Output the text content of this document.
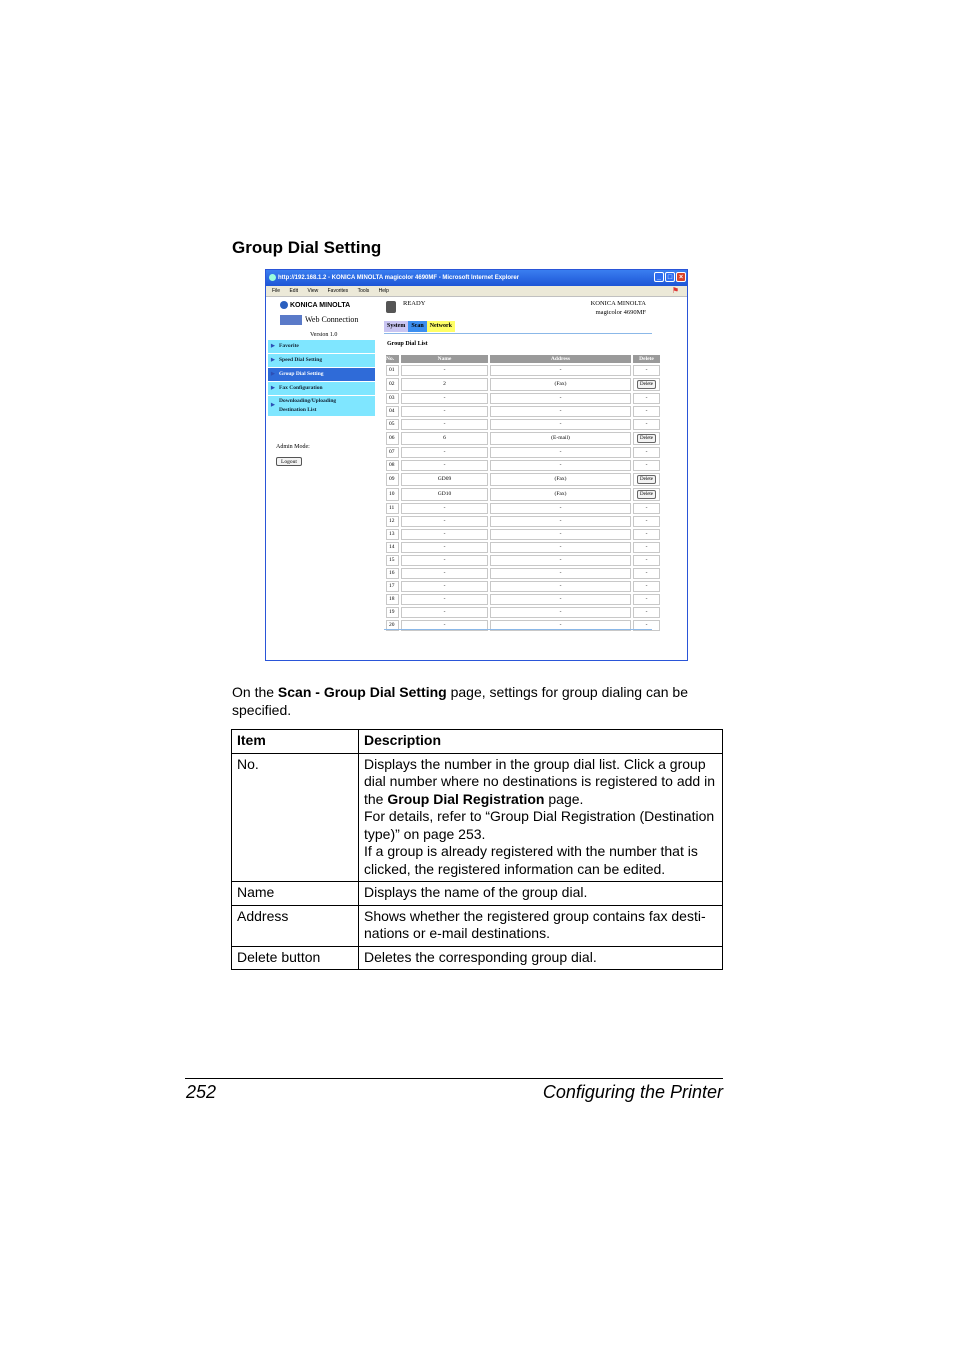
Group Dial Setting
http://192.168.1.2 - KONICA MINOLTA magicolor 4690MF - Microsoft Internet Explorer	_ □ ×
File Edit View Favorites Tools Help	⚑
KONICA MINOLTA
Web Connection
Version 1.0
▶ Favorite
▶ Speed Dial Setting
▶ Group Dial Setting
▶ Fax Configuration
▶
Downloading/Uploading
Destination List
Admin Mode:
Logout
READY	KONICA MINOLTA
magicolor 4690MF
System	Scan	Network
Group Dial List
No.	Name	Address	Delete
01	-	-	-
02	2	(Fax)	Delete
03	-	-	-
04	-	-	-
05	-	-	-
06	6	(E-mail)	Delete
07	-	-	-
08	-	-	-
09	GD09	(Fax)	Delete
10	GD10	(Fax)	Delete
11	-	-	-
12	-	-	-
13	-	-	-
14	-	-	-
15	-	-	-
16	-	-	-
17	-	-	-
18	-	-	-
19	-	-	-
20	-	-	-
On the Scan - Group Dial Setting page, settings for group dialing can be specified.
Item	Description
No.	Displays the number in the group dial list. Click a group dial number where no destinations is registered to add in the Group Dial Registration page.
For details, refer to “Group Dial Registration (Destination type)” on page 253.
If a group is already registered with the number that is clicked, the registered information can be edited.
Name	Displays the name of the group dial.
Address	Shows whether the registered group contains fax desti-nations or e-mail destinations.
Delete button	Deletes the corresponding group dial.
252	Configuring the Printer
